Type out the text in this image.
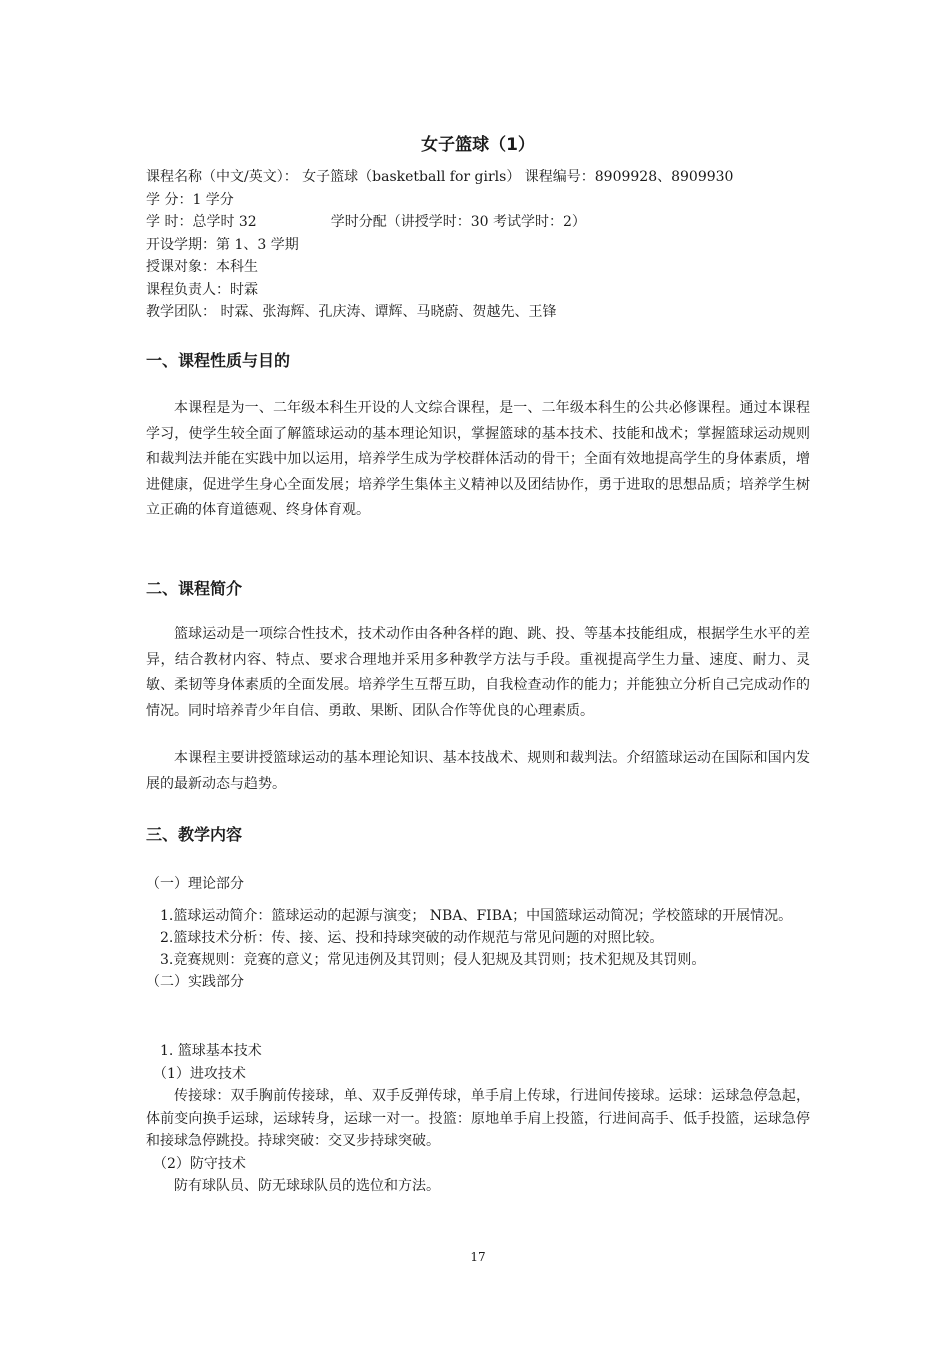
女子篮球（1）
课程名称（中文/英文）： 女子篮球（basketball for girls） 课程编号：8909928、8909930
学 分：1 学分
学 时：总学时 32	学时分配（讲授学时：30 考试学时：2）
开设学期：第 1、3 学期
授课对象：本科生
课程负责人：时霖
教学团队： 时霖、张海辉、孔庆涛、谭辉、马晓蔚、贺越先、王锋
一、课程性质与目的
本课程是为一、二年级本科生开设的人文综合课程，是一、二年级本科生的公共必修课程。通过本课程学习，使学生较全面了解篮球运动的基本理论知识，掌握篮球的基本技术、技能和战术；掌握篮球运动规则和裁判法并能在实践中加以运用，培养学生成为学校群体活动的骨干；全面有效地提高学生的身体素质，增进健康，促进学生身心全面发展；培养学生集体主义精神以及团结协作，勇于进取的思想品质；培养学生树立正确的体育道德观、终身体育观。
二、课程简介
篮球运动是一项综合性技术，技术动作由各种各样的跑、跳、投、等基本技能组成，根据学生水平的差异，结合教材内容、特点、要求合理地并采用多种教学方法与手段。重视提高学生力量、速度、耐力、灵敏、柔韧等身体素质的全面发展。培养学生互帮互助，自我检查动作的能力；并能独立分析自己完成动作的情况。同时培养青少年自信、勇敢、果断、团队合作等优良的心理素质。
本课程主要讲授篮球运动的基本理论知识、基本技战术、规则和裁判法。介绍篮球运动在国际和国内发展的最新动态与趋势。
三、教学内容

（一）理论部分

1.篮球运动简介：篮球运动的起源与演变； NBA、FIBA；中国篮球运动简况；学校篮球的开展情况。

2.篮球技术分析：传、接、运、投和持球突破的动作规范与常见问题的对照比较。

3.竞赛规则：竞赛的意义；常见违例及其罚则；侵人犯规及其罚则；技术犯规及其罚则。

（二）实践部分

1. 篮球基本技术

（1）进攻技术

传接球：双手胸前传接球，单、双手反弹传球，单手肩上传球，行进间传接球。运球：运球急停急起，体前变向换手运球，运球转身，运球一对一。投篮：原地单手肩上投篮，行进间高手、低手投篮，运球急停和接球急停跳投。持球突破：交叉步持球突破。

（2）防守技术

防有球队员、防无球球队员的选位和方法。

17
